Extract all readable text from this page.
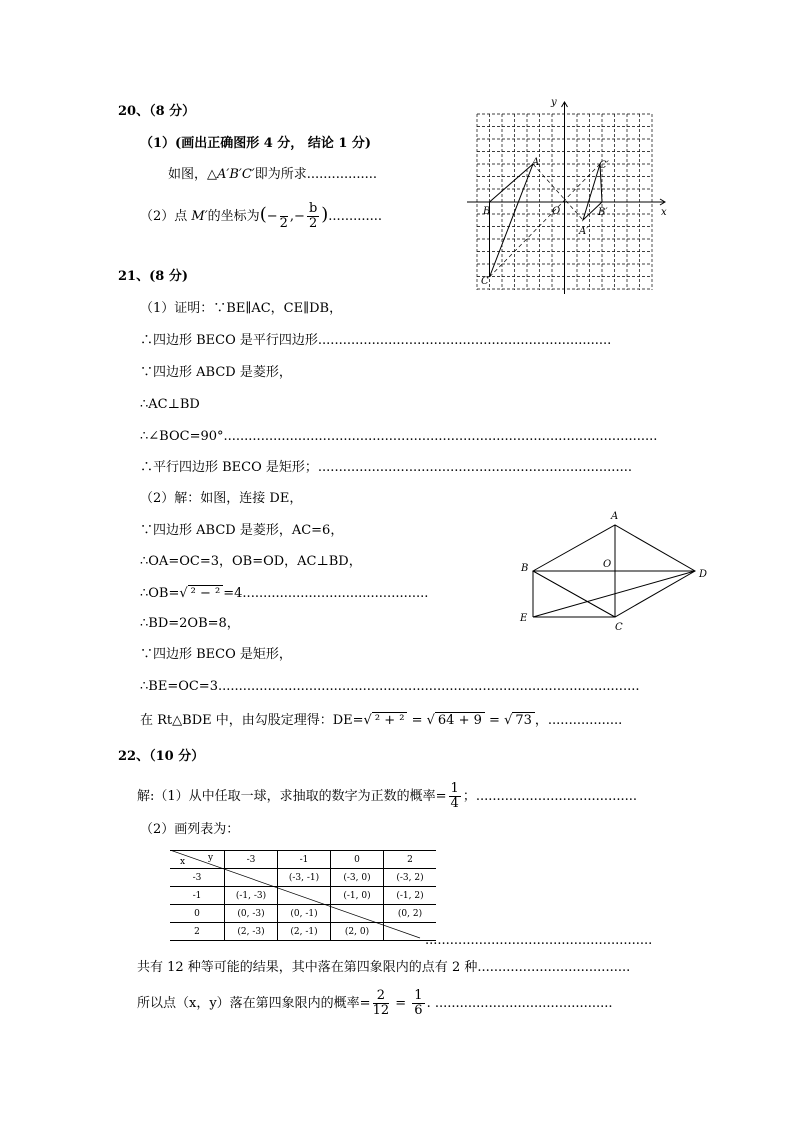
20、（8 分）
（1）(画出正确图形 4 分， 结论 1 分)
如图，△A′B′C′即为所求.................
（2）点 M′的坐标为(− 2 ,− $\frac{b}{2}$ ).............
y
x
A	C′
B	O	B′
A′
C
21、(8 分)
（1）证明：∵BE∥AC，CE∥DB，
∴四边形 BECO 是平行四边形.......................................................................
∵四边形 ABCD 是菱形，
∴AC⊥BD
∴∠BOC=90°.........................................................................................................
∴平行四边形 BECO 是矩形；............................................................................
（2）解：如图，连接 DE，
∵四边形 ABCD 是菱形，AC=6，
∴OA=OC=3，OB=OD，AC⊥BD，
∴OB=√ ² − ² =4.............................................
∴BD=2OB=8，
∵四边形 BECO 是矩形，
∴BE=OC=3......................................................................................................
在 Rt△BDE 中，由勾股定理得：DE=√ ² + ² = √ 64 + 9 = √ 73 ，..................
A
B	O
D
E
C
22、（10 分）
解:（1）从中任取一球，求抽取的数字为正数的概率= $\frac{1}{4}$ ；.......................................
（2）画列表为：
x y	-3	-1	0	2
-3		(-3, -1)	(-3, 0)	(-3, 2)
-1	(-1, -3)		(-1, 0)	(-1, 2)
0	(0, -3)	(0, -1)		(0, 2)
2	(2, -3)	(2, -1)	(2, 0)	
.......................................................
共有 12 种等可能的结果，其中落在第四象限内的点有 2 种.....................................
所以点（x，y）落在第四象限内的概率= $\frac{2}{12} = \frac{1}{6}$ . ...........................................
